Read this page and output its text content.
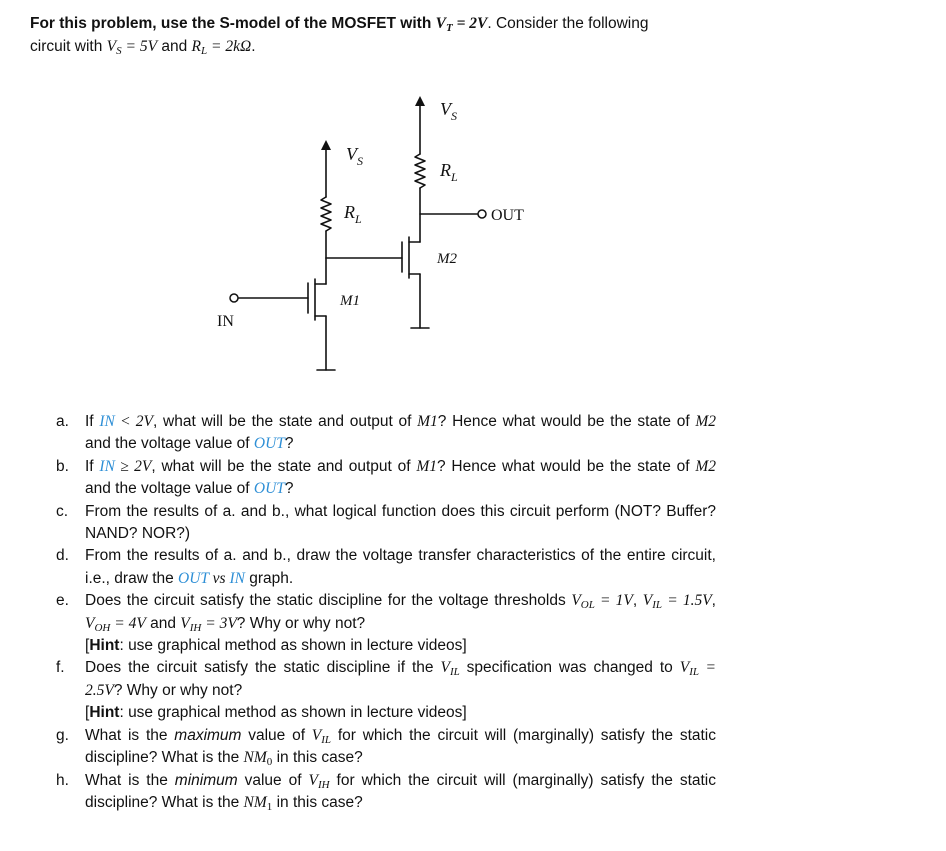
For this problem, use the S-model of the MOSFET with $V_T = 2V$. Consider the following
circuit with $V_S = 5V$ and $R_L = 2k\Omega$.
$V_S$
$V_S$
$R_L$
$R_L$
M1
M2
IN
OUT
a. If IN < 2V, what will be the state and output of M1? Hence what would be the state of M2 and the voltage value of OUT?
b. If IN ≥ 2V, what will be the state and output of M1? Hence what would be the state of M2 and the voltage value of OUT?
c. From the results of a. and b., what logical function does this circuit perform (NOT? Buffer? NAND? NOR?)
d. From the results of a. and b., draw the voltage transfer characteristics of the entire circuit, i.e., draw the OUT vs IN graph.
e. Does the circuit satisfy the static discipline for the voltage thresholds $V_{OL} = 1V$, $V_{IL} = 1.5V$, $V_{OH} = 4V$ and $V_{IH} = 3V$? Why or why not?
[Hint: use graphical method as shown in lecture videos]
f. Does the circuit satisfy the static discipline if the $V_{IL}$ specification was changed to $V_{IL} = 2.5V$? Why or why not?
[Hint: use graphical method as shown in lecture videos]
g. What is the maximum value of $V_{IL}$ for which the circuit will (marginally) satisfy the static discipline? What is the $NM_0$ in this case?
h. What is the minimum value of $V_{IH}$ for which the circuit will (marginally) satisfy the static discipline? What is the $NM_1$ in this case?
